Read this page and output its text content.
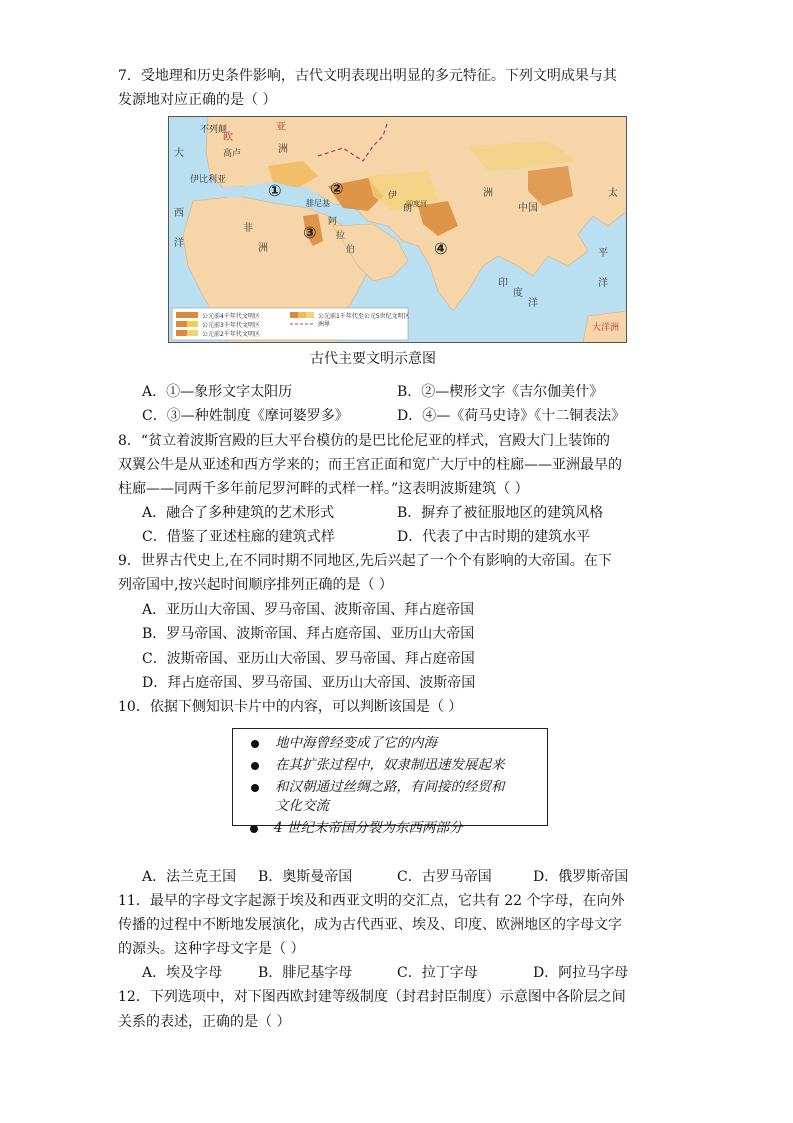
7．受地理和历史条件影响，古代文明表现出明显的多元特征。下列文明成果与其
发源地对应正确的是（ ）
①	②
③
④
不列颠
欧
高卢	洲
亚
伊比利亚
伊
朗	中国
腓尼基
阿
拉
伯
非
洲
洲
大
西
洋
印度河
太
平
洋
印
度
洋
大洋洲
公元前4千年代文明区
公元前3千年代文明区
公元前2千年代文明区
公元前1千年代至公元5世纪文明区
洲界
古代主要文明示意图
A．①—象形文字太阳历	B．②—楔形文字《吉尔伽美什》
C．③—种姓制度《摩诃婆罗多》	D．④—《荷马史诗》《十二铜表法》
8．“贫立着波斯宫殿的巨大平台模仿的是巴比伦尼亚的样式，宫殿大门上装饰的
双翼公牛是从亚述和西方学来的；而王宫正面和宽广大厅中的柱廊——亚洲最早的
柱廊——同两千多年前尼罗河畔的式样一样。”这表明波斯建筑（ ）
A．融合了多种建筑的艺术形式	B．摒弃了被征服地区的建筑风格
C．借鉴了亚述柱廊的建筑式样	D．代表了中古时期的建筑水平
9．世界古代史上,在不同时期不同地区,先后兴起了一个个有影响的大帝国。在下
列帝国中,按兴起时间顺序排列正确的是（ ）
A．亚历山大帝国、罗马帝国、波斯帝国、拜占庭帝国
B．罗马帝国、波斯帝国、拜占庭帝国、亚历山大帝国
C．波斯帝国、亚历山大帝国、罗马帝国、拜占庭帝国
D．拜占庭帝国、罗马帝国、亚历山大帝国、波斯帝国
10．依据下侧知识卡片中的内容，可以判断该国是（ ）
地中海曾经变成了它的内海
在其扩张过程中，奴隶制迅速发展起来
和汉朝通过丝绸之路，有间接的经贸和
文化交流
4 世纪末帝国分裂为东西两部分
A．法兰克王国 B．奥斯曼帝国	C．古罗马帝国	D．俄罗斯帝国
11．最早的字母文字起源于埃及和西亚文明的交汇点，它共有 22 个字母，在向外
传播的过程中不断地发展演化，成为古代西亚、埃及、印度、欧洲地区的字母文字
的源头。这种字母文字是（ ）
A．埃及字母	B．腓尼基字母	C．拉丁字母	D．阿拉马字母
12．下列选项中，对下图西欧封建等级制度（封君封臣制度）示意图中各阶层之间
关系的表述，正确的是（ ）
